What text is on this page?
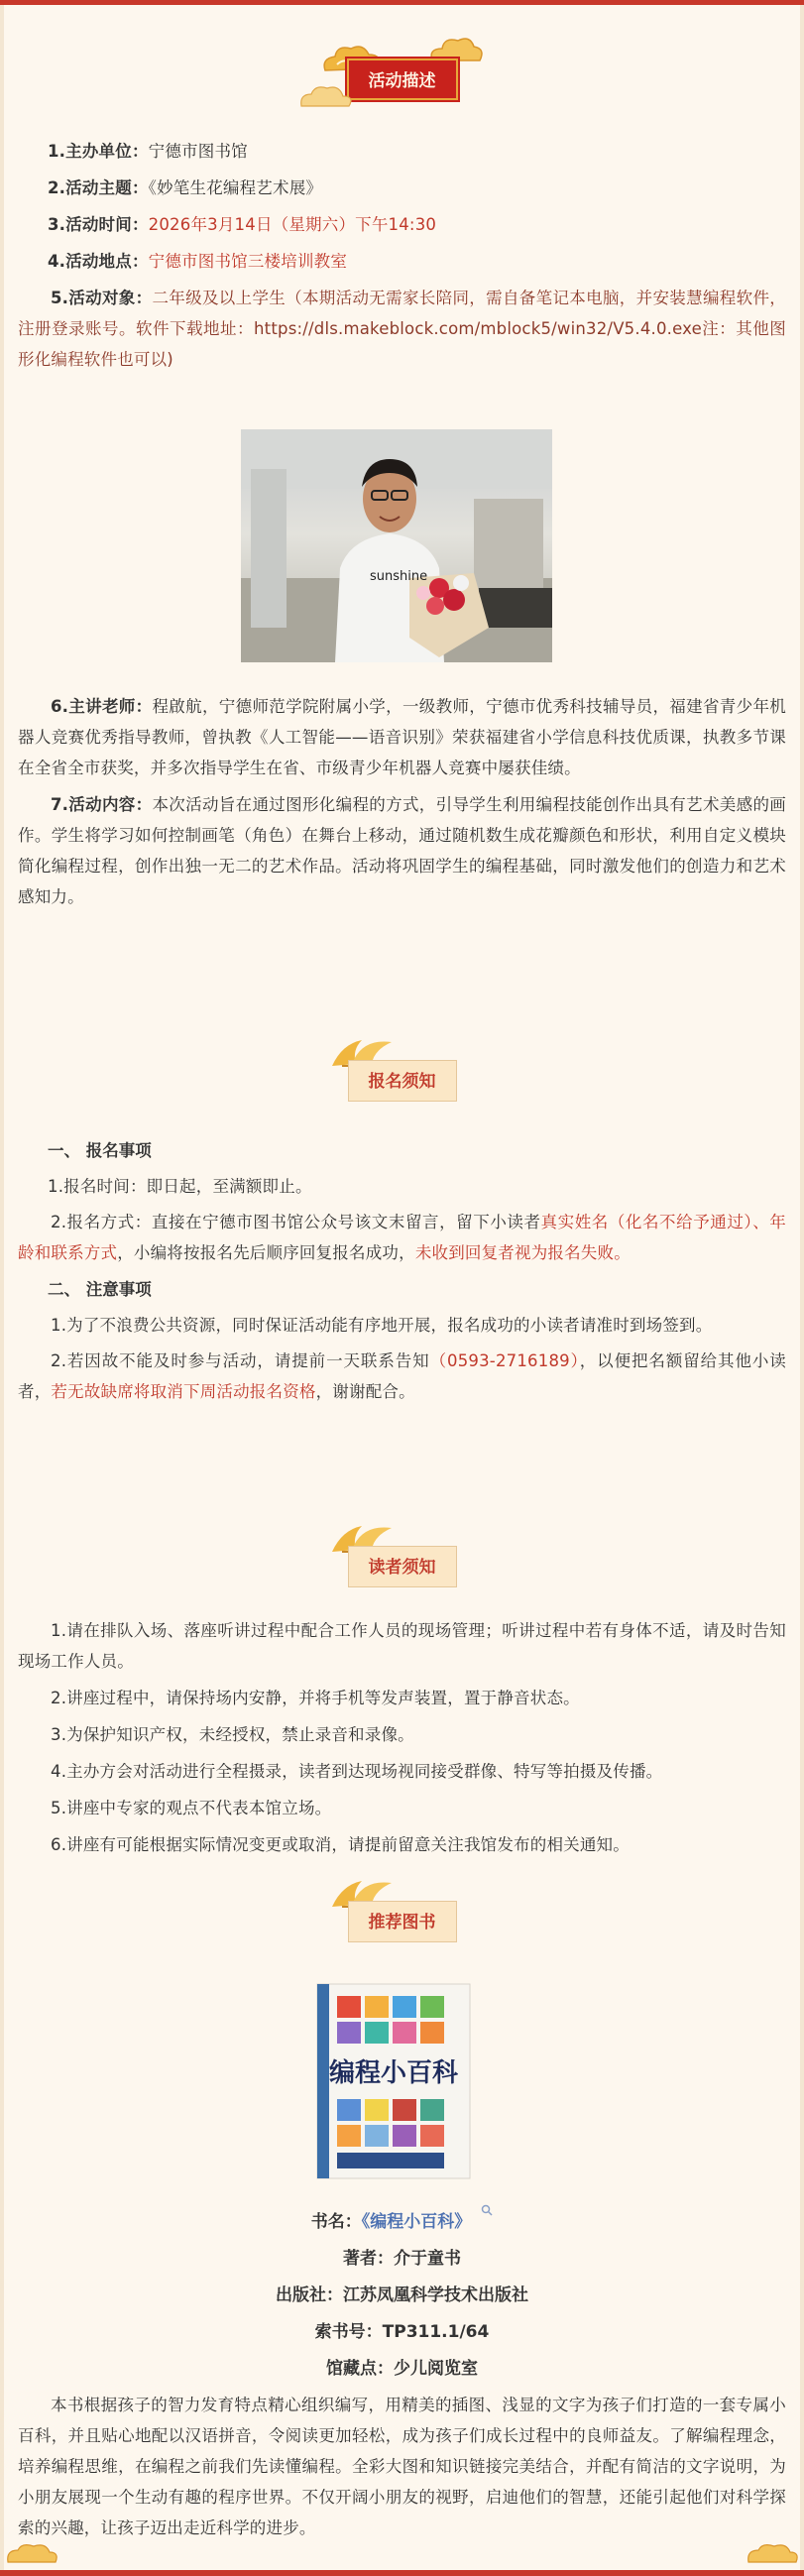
活动描述
1.主办单位：宁德市图书馆
2.活动主题：《妙笔生花编程艺术展》
3.活动时间：2026年3月14日（星期六）下午14:30
4.活动地点：宁德市图书馆三楼培训教室
5.活动对象：二年级及以上学生（本期活动无需家长陪同，需自备笔记本电脑，并安装慧编程软件，注册登录账号。软件下载地址：https://dls.makeblock.com/mblock5/win32/V5.4.0.exe注：其他图形化编程软件也可以)
sunshine
6.主讲老师：程啟航，宁德师范学院附属小学，一级教师，宁德市优秀科技辅导员，福建省青少年机器人竞赛优秀指导教师，曾执教《人工智能——语音识别》荣获福建省小学信息科技优质课，执教多节课在全省全市获奖，并多次指导学生在省、市级青少年机器人竞赛中屡获佳绩。
7.活动内容：本次活动旨在通过图形化编程的方式，引导学生利用编程技能创作出具有艺术美感的画作。学生将学习如何控制画笔（角色）在舞台上移动，通过随机数生成花瓣颜色和形状，利用自定义模块简化编程过程，创作出独一无二的艺术作品。活动将巩固学生的编程基础，同时激发他们的创造力和艺术感知力。
报名须知
一、 报名事项
1.报名时间：即日起，至满额即止。
2.报名方式：直接在宁德市图书馆公众号该文末留言，留下小读者真实姓名（化名不给予通过）、年龄和联系方式，小编将按报名先后顺序回复报名成功，未收到回复者视为报名失败。
二、 注意事项
1.为了不浪费公共资源，同时保证活动能有序地开展，报名成功的小读者请准时到场签到。
2.若因故不能及时参与活动，请提前一天联系告知（0593-2716189），以便把名额留给其他小读者，若无故缺席将取消下周活动报名资格，谢谢配合。
读者须知
1.请在排队入场、落座听讲过程中配合工作人员的现场管理；听讲过程中若有身体不适，请及时告知现场工作人员。
2.讲座过程中，请保持场内安静，并将手机等发声装置，置于静音状态。
3.为保护知识产权，未经授权，禁止录音和录像。
4.主办方会对活动进行全程摄录，读者到达现场视同接受群像、特写等拍摄及传播。
5.讲座中专家的观点不代表本馆立场。
6.讲座有可能根据实际情况变更或取消，请提前留意关注我馆发布的相关通知。
推荐图书
编程小百科
书名：《编程小百科》
著者：介于童书
出版社：江苏凤凰科学技术出版社
索书号：TP311.1/64
馆藏点：少儿阅览室
本书根据孩子的智力发育特点精心组织编写，用精美的插图、浅显的文字为孩子们打造的一套专属小百科，并且贴心地配以汉语拼音，令阅读更加轻松，成为孩子们成长过程中的良师益友。了解编程理念，培养编程思维，在编程之前我们先读懂编程。全彩大图和知识链接完美结合，并配有简洁的文字说明，为小朋友展现一个生动有趣的程序世界。不仅开阔小朋友的视野，启迪他们的智慧，还能引起他们对科学探索的兴趣，让孩子迈出走近科学的进步。
